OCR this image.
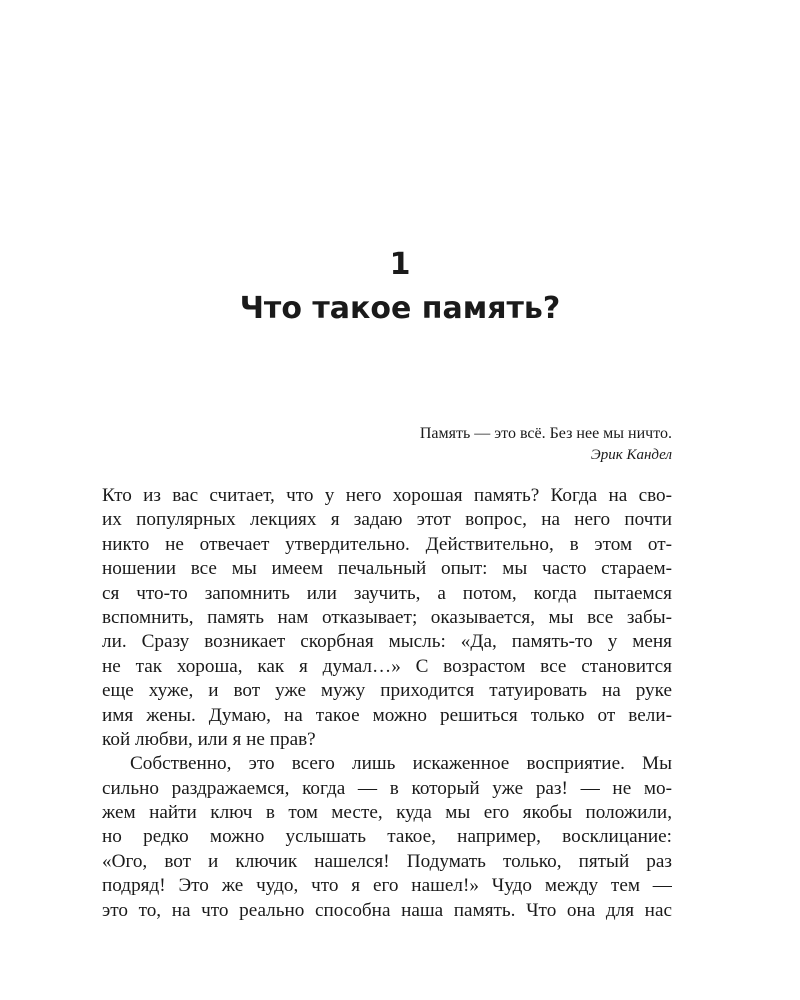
1
Что такое память?

Память — это всё. Без нее мы ничто.

Эрик Кандел

Кто из вас считает, что у него хорошая память? Когда на сво-
их популярных лекциях я задаю этот вопрос, на него почти
никто не отвечает утвердительно. Действительно, в этом от-
ношении все мы имеем печальный опыт: мы часто стараем-
ся что-то запомнить или заучить, а потом, когда пытаемся
вспомнить, память нам отказывает; оказывается, мы все забы-
ли. Сразу возникает скорбная мысль: «Да, память-то у меня
не так хороша, как я думал…» С возрастом все становится
еще хуже, и вот уже мужу приходится татуировать на руке
имя жены. Думаю, на такое можно решиться только от вели-
кой любви, или я не прав?
Собственно, это всего лишь искаженное восприятие. Мы
сильно раздражаемся, когда — в который уже раз! — не мо-
жем найти ключ в том месте, куда мы его якобы положили,
но редко можно услышать такое, например, восклицание:
«Ого, вот и ключик нашелся! Подумать только, пятый раз
подряд! Это же чудо, что я его нашел!» Чудо между тем —
это то, на что реально способна наша память. Что она для нас
